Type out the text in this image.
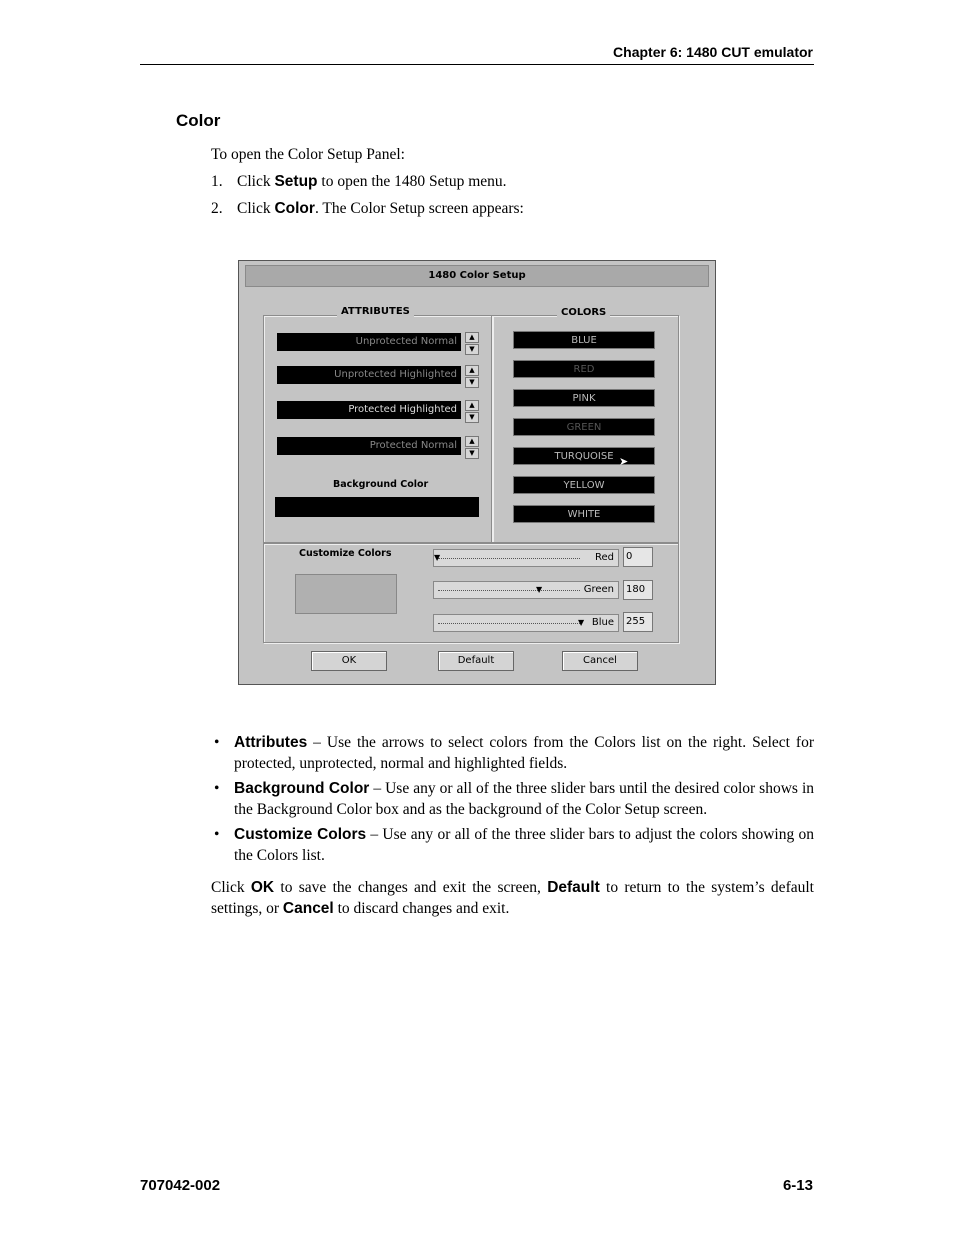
Chapter 6: 1480 CUT emulator
Color
To open the Color Setup Panel:
1. Click Setup to open the 1480 Setup menu.
2. Click Color. The Color Setup screen appears:
1480 Color Setup
ATTRIBUTES
Unprotected Normal	▲
▼
Unprotected Highlighted	▲
▼
Protected Highlighted	▲
▼
Protected Normal	▲
▼
Background Color
COLORS
BLUE
RED
PINK
GREEN
TURQUOISE
YELLOW
WHITE
➤
Customize Colors	▼	Red	0
▼	Green	180
▼ Blue	255
OK	Default	Cancel
• Attributes – Use the arrows to select colors from the Colors list on the right. Select for protected, unprotected, normal and highlighted fields.
• Background Color – Use any or all of the three slider bars until the desired color shows in the Background Color box and as the background of the Color Setup screen.
• Customize Colors – Use any or all of the three slider bars to adjust the colors showing on the Colors list.
Click OK to save the changes and exit the screen, Default to return to the system’s default settings, or Cancel to discard changes and exit.
707042-002	6-13
